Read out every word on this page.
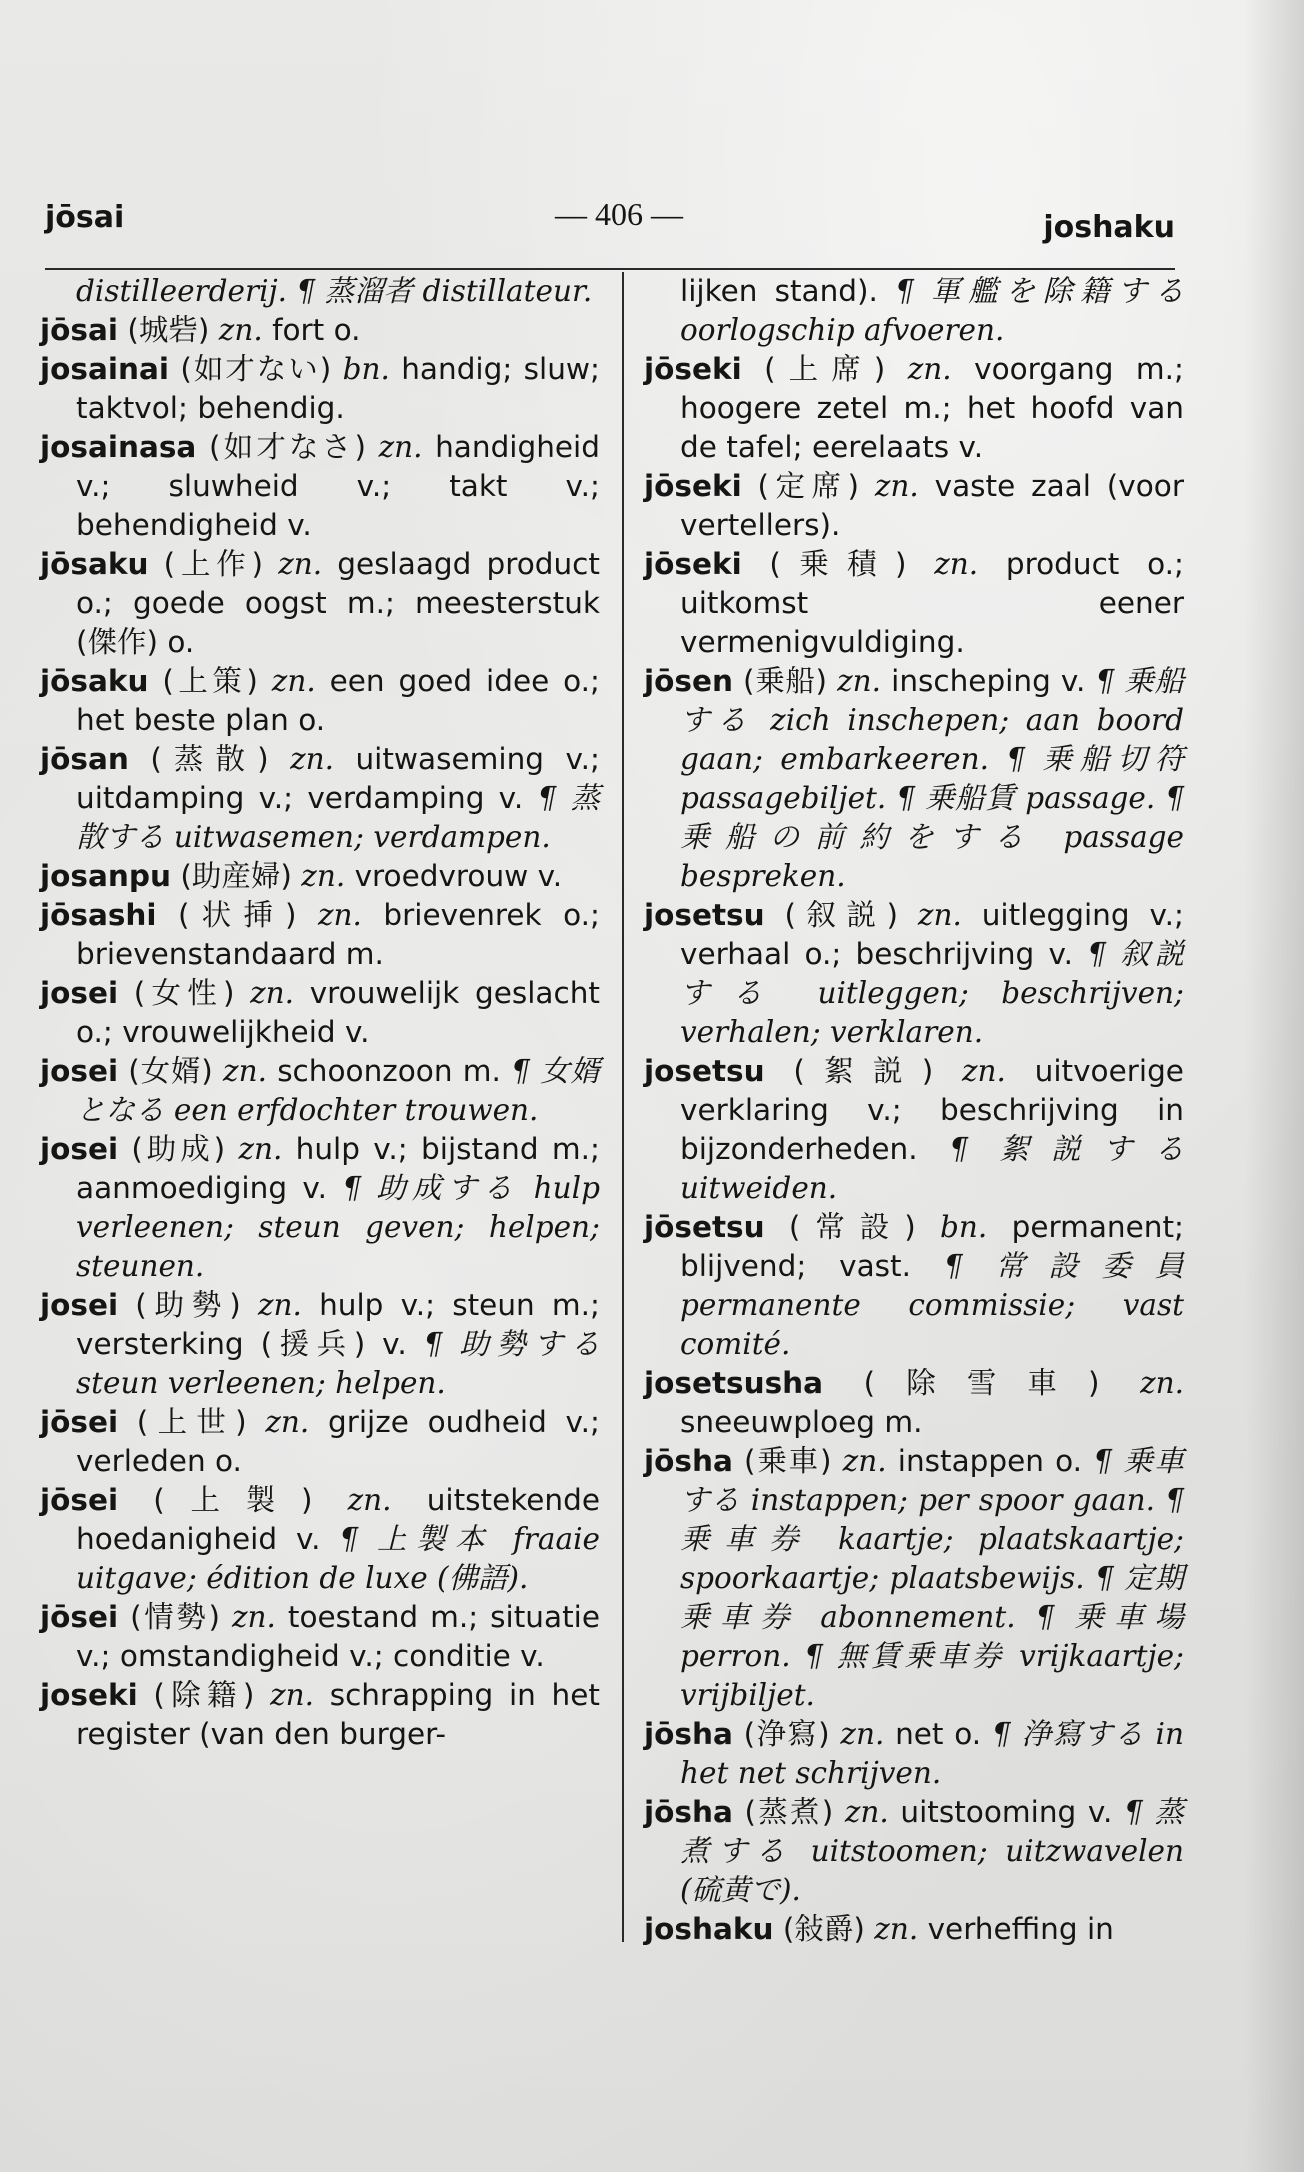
jōsai	— 406 —	joshaku
distilleerderij. ¶ 蒸溜者 distillateur.
jōsai (城砦) zn. fort o.
josainai (如才ない) bn. handig; sluw; taktvol; behendig.
josainasa (如才なさ) zn. handigheid v.; sluwheid v.; takt v.; behendigheid v.
jōsaku (上作) zn. geslaagd product o.; goede oogst m.; meesterstuk (傑作) o.
jōsaku (上策) zn. een goed idee o.; het beste plan o.
jōsan (蒸散) zn. uitwaseming v.; uitdamping v.; verdamping v. ¶ 蒸散する uitwasemen; verdampen.
josanpu (助産婦) zn. vroedvrouw v.
jōsashi (状挿) zn. brievenrek o.; brievenstandaard m.
josei (女性) zn. vrouwelijk geslacht o.; vrouwelijkheid v.
josei (女婿) zn. schoonzoon m. ¶ 女婿となる een erfdochter trouwen.
josei (助成) zn. hulp v.; bijstand m.; aanmoediging v. ¶ 助成する hulp verleenen; steun geven; helpen; steunen.
josei (助勢) zn. hulp v.; steun m.; versterking (援兵) v. ¶ 助勢する steun verleenen; helpen.
jōsei (上世) zn. grijze oudheid v.; verleden o.
jōsei (上製) zn. uitstekende hoedanigheid v. ¶ 上製本 fraaie uitgave; édition de luxe (佛語).
jōsei (情勢) zn. toestand m.; situatie v.; omstandigheid v.; conditie v.
joseki (除籍) zn. schrapping in het register (van den burger-
lijken stand). ¶ 軍艦を除籍する oorlogschip afvoeren.
jōseki (上席) zn. voorgang m.; hoogere zetel m.; het hoofd van de tafel; eerelaats v.
jōseki (定席) zn. vaste zaal (voor vertellers).
jōseki (乗積) zn. product o.; uitkomst eener vermenigvuldiging.
jōsen (乗船) zn. inscheping v. ¶ 乗船する zich inschepen; aan boord gaan; embarkeeren. ¶ 乗船切符 passagebiljet. ¶ 乗船賃 passage. ¶ 乗船の前約をする passage bespreken.
josetsu (叙説) zn. uitlegging v.; verhaal o.; beschrijving v. ¶ 叙説する uitleggen; beschrijven; verhalen; verklaren.
josetsu (絮説) zn. uitvoerige verklaring v.; beschrijving in bijzonderheden. ¶ 絮説する uitweiden.
jōsetsu (常設) bn. permanent; blijvend; vast. ¶ 常設委員 permanente commissie; vast comité.
josetsusha (除雪車) zn. sneeuwploeg m.
jōsha (乗車) zn. instappen o. ¶ 乗車する instappen; per spoor gaan. ¶ 乗車券 kaartje; plaatskaartje; spoorkaartje; plaatsbewijs. ¶ 定期乗車券 abonnement. ¶ 乗車場 perron. ¶ 無賃乗車券 vrijkaartje; vrijbiljet.
jōsha (浄寫) zn. net o. ¶ 浄寫する in het net schrijven.
jōsha (蒸煮) zn. uitstooming v. ¶ 蒸煮する uitstoomen; uitzwavelen (硫黄で).
joshaku (敍爵) zn. verheffing in
